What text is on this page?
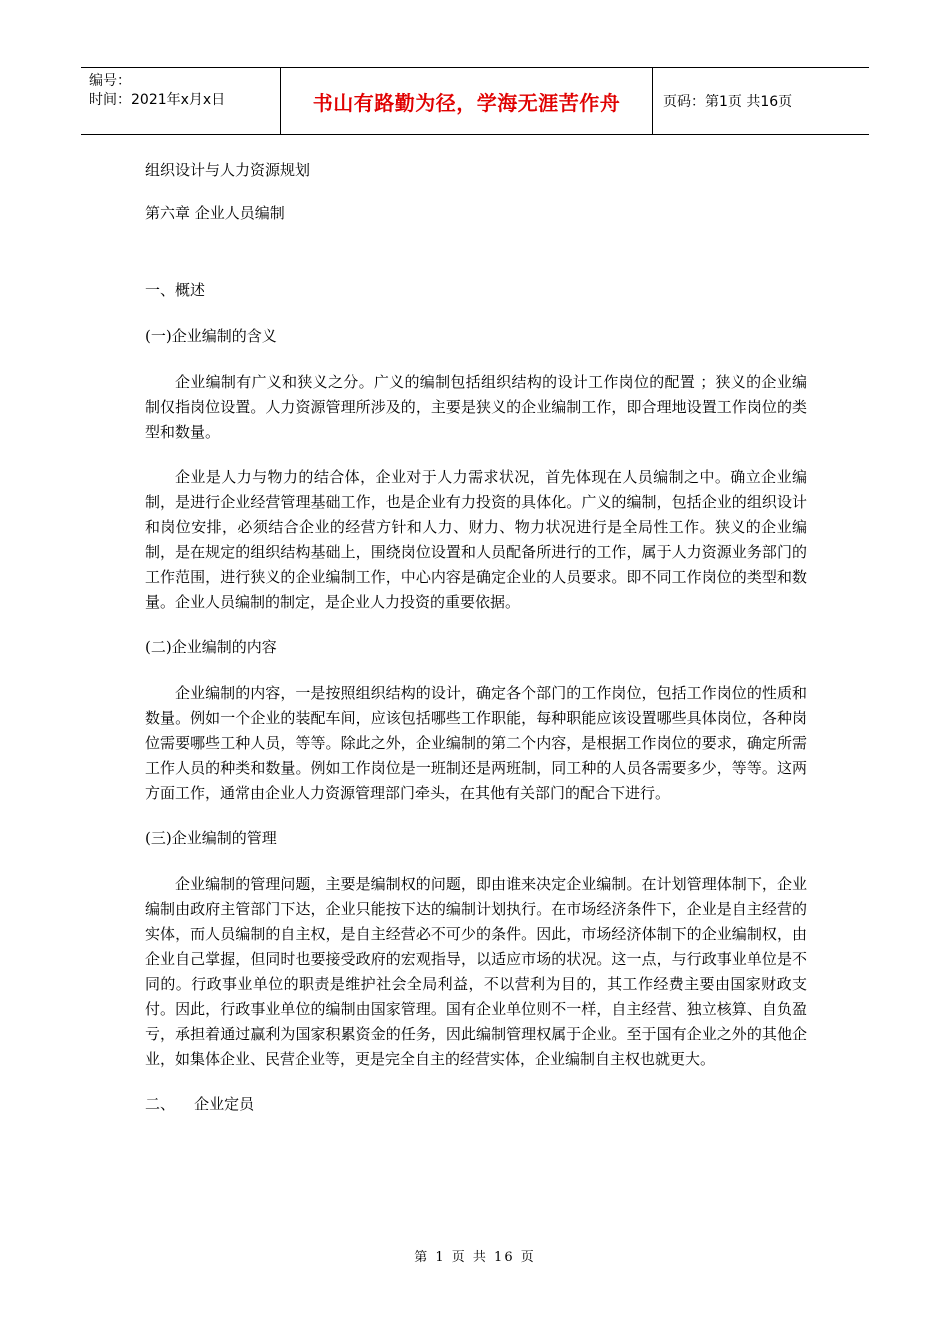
编号：
时间：2021年x月x日	书山有路勤为径，学海无涯苦作舟	页码：第1页 共16页

组织设计与人力资源规划

第六章 企业人员编制

一、概述

(一)企业编制的含义

企业编制有广义和狭义之分。广义的编制包括组织结构的设计工作岗位的配置 ；狭义的企业编制仅指岗位设置。人力资源管理所涉及的，主要是狭义的企业编制工作，即合理地设置工作岗位的类型和数量。

企业是人力与物力的结合体，企业对于人力需求状况，首先体现在人员编制之中。确立企业编制，是进行企业经营管理基础工作，也是企业有力投资的具体化。广义的编制，包括企业的组织设计和岗位安排，必须结合企业的经营方针和人力、财力、物力状况进行是全局性工作。狭义的企业编制，是在规定的组织结构基础上，围绕岗位设置和人员配备所进行的工作，属于人力资源业务部门的工作范围，进行狭义的企业编制工作，中心内容是确定企业的人员要求。即不同工作岗位的类型和数量。企业人员编制的制定，是企业人力投资的重要依据。

(二)企业编制的内容

企业编制的内容，一是按照组织结构的设计，确定各个部门的工作岗位，包括工作岗位的性质和数量。例如一个企业的装配车间，应该包括哪些工作职能，每种职能应该设置哪些具体岗位，各种岗位需要哪些工种人员，等等。除此之外，企业编制的第二个内容，是根据工作岗位的要求，确定所需工作人员的种类和数量。例如工作岗位是一班制还是两班制，同工种的人员各需要多少，等等。这两方面工作，通常由企业人力资源管理部门牵头，在其他有关部门的配合下进行。

(三)企业编制的管理

企业编制的管理问题，主要是编制权的问题，即由谁来决定企业编制。在计划管理体制下，企业编制由政府主管部门下达，企业只能按下达的编制计划执行。在市场经济条件下，企业是自主经营的实体，而人员编制的自主权，是自主经营必不可少的条件。因此，市场经济体制下的企业编制权，由企业自己掌握，但同时也要接受政府的宏观指导，以适应市场的状况。这一点，与行政事业单位是不同的。行政事业单位的职责是维护社会全局利益，不以营利为目的，其工作经费主要由国家财政支付。因此，行政事业单位的编制由国家管理。国有企业单位则不一样，自主经营、独立核算、自负盈亏，承担着通过赢利为国家积累资金的任务，因此编制管理权属于企业。至于国有企业之外的其他企业，如集体企业、民营企业等，更是完全自主的经营实体，企业编制自主权也就更大。

二、    企业定员

第 1 页 共 16 页
